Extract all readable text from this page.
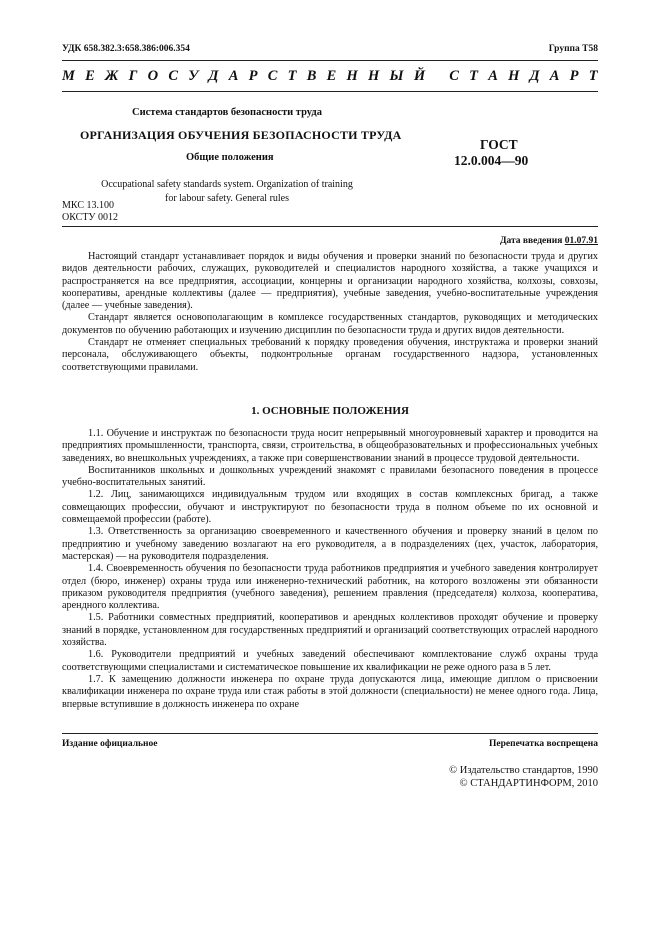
УДК 658.382.3:658.386:006.354	Группа Т58
М Е Ж Г О С У Д А Р С Т В Е Н Н Ы Й
С Т А Н Д А Р Т
Система стандартов безопасности труда
ОРГАНИЗАЦИЯ ОБУЧЕНИЯ БЕЗОПАСНОСТИ ТРУДА
Общие положения
ГОСТ
12.0.004—90
Occupational safety standards system. Organization of training
for labour safety. General rules
МКС 13.100
ОКСТУ 0012
Дата введения 01.07.91

Настоящий стандарт устанавливает порядок и виды обучения и проверки знаний по безопасности труда и других видов деятельности рабочих, служащих, руководителей и специалистов народного хозяйства, а также учащихся и распространяется на все предприятия, ассоциации, концерны и организации народного хозяйства, колхозы, совхозы, кооперативы, арендные коллективы (далее — предприятия), учебные заведения, учебно-воспитательные учреждения (далее — учебные заведения).

Стандарт является основополагающим в комплексе государственных стандартов, руководящих и методических документов по обучению работающих и изучению дисциплин по безопасности труда и других видов деятельности.

Стандарт не отменяет специальных требований к порядку проведения обучения, инструктажа и проверки знаний персонала, обслуживающего объекты, подконтрольные органам государственного надзора, установленных соответствующими правилами.

1. ОСНОВНЫЕ ПОЛОЖЕНИЯ

1.1. Обучение и инструктаж по безопасности труда носит непрерывный многоуровневый характер и проводится на предприятиях промышленности, транспорта, связи, строительства, в общеобразовательных и профессиональных учебных заведениях, во внешкольных учреждениях, а также при совершенствовании знаний в процессе трудовой деятельности.

Воспитанников школьных и дошкольных учреждений знакомят с правилами безопасного поведения в процессе учебно-воспитательных занятий.

1.2. Лиц, занимающихся индивидуальным трудом или входящих в состав комплексных бригад, а также совмещающих профессии, обучают и инструктируют по безопасности труда в полном объеме по их основной и совмещаемой профессии (работе).

1.3. Ответственность за организацию своевременного и качественного обучения и проверку знаний в целом по предприятию и учебному заведению возлагают на его руководителя, а в подразделениях (цех, участок, лаборатория, мастерская) — на руководителя подразделения.

1.4. Своевременность обучения по безопасности труда работников предприятия и учебного заведения контролирует отдел (бюро, инженер) охраны труда или инженерно-технический работник, на которого возложены эти обязанности приказом руководителя предприятия (учебного заведения), решением правления (председателя) колхоза, кооператива, арендного коллектива.

1.5. Работники совместных предприятий, кооперативов и арендных коллективов проходят обучение и проверку знаний в порядке, установленном для государственных предприятий и организаций соответствующих отраслей народного хозяйства.

1.6. Руководители предприятий и учебных заведений обеспечивают комплектование служб охраны труда соответствующими специалистами и систематическое повышение их квалификации не реже одного раза в 5 лет.

1.7. К замещению должности инженера по охране труда допускаются лица, имеющие диплом о присвоении квалификации инженера по охране труда или стаж работы в этой должности (специальности) не менее одного года. Лица, впервые вступившие в должность инженера по охране

Издание официальное	Перепечатка воспрещена
© Издательство стандартов, 1990
© СТАНДАРТИНФОРМ, 2010
